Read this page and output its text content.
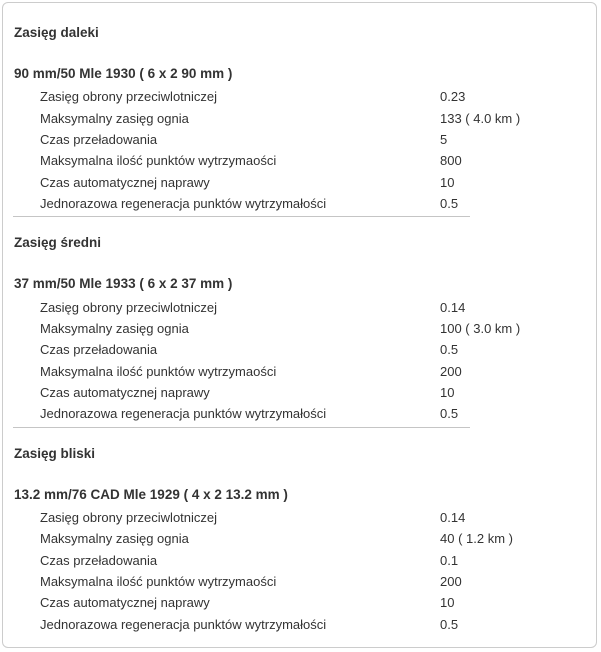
Zasięg daleki
90 mm/50 Mle 1930 ( 6 x 2 90 mm )
Zasięg obrony przeciwlotniczej	0.23
Maksymalny zasięg ognia	133 ( 4.0 km )
Czas przeładowania	5
Maksymalna ilość punktów wytrzymaości	800
Czas automatycznej naprawy	10
Jednorazowa regeneracja punktów wytrzymałości	0.5
Zasięg średni
37 mm/50 Mle 1933 ( 6 x 2 37 mm )
Zasięg obrony przeciwlotniczej	0.14
Maksymalny zasięg ognia	100 ( 3.0 km )
Czas przeładowania	0.5
Maksymalna ilość punktów wytrzymaości	200
Czas automatycznej naprawy	10
Jednorazowa regeneracja punktów wytrzymałości	0.5
Zasięg bliski
13.2 mm/76 CAD Mle 1929 ( 4 x 2 13.2 mm )
Zasięg obrony przeciwlotniczej	0.14
Maksymalny zasięg ognia	40 ( 1.2 km )
Czas przeładowania	0.1
Maksymalna ilość punktów wytrzymaości	200
Czas automatycznej naprawy	10
Jednorazowa regeneracja punktów wytrzymałości	0.5
